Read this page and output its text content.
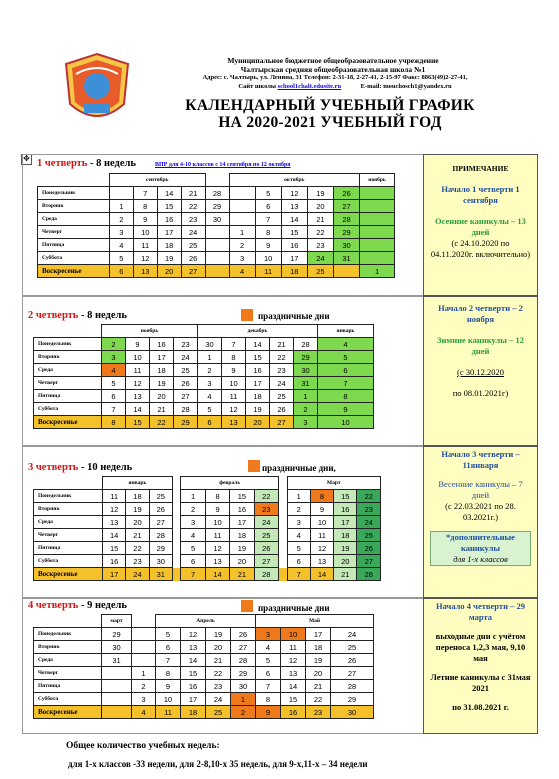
Муниципальное бюджетное общеобразовательное учреждение
Чалтырская средняя общеобразовательная школа №1
Адрес: с. Чалтырь, ул. Ленина, 31 Телефон: 2-31-18, 2-27-41, 2-15-97 Факс: 8863(49)2-27-41,
Сайт школы school1chalt.edusite.ru	E-mail: mouchosch1@yandex.ru
КАЛЕНДАРНЫЙ УЧЕБНЫЙ ГРАФИК
НА 2020-2021 УЧЕБНЫЙ ГОД
✥ 1 четверть - 8 недель	ВПР для 4-10 классов с 14 сентября по 12 октября
2 четверть - 8 недель	праздничные дни
3 четверть - 10 недель	праздничные дни,
4 четверть - 9 недель	праздничные дни
	сентябрь					октябрь					ноябрь
Понедельник		7	14	21	28		5	12	19	26	
Вторник	1	8	15	22	29		6	13	20	27	
Среда	2	9	16	23	30		7	14	21	28	
Четверг	3	10	17	24		1	8	15	22	29	
Пятница	4	11	18	25		2	9	16	23	30	
Суббота	5	12	19	26		3	10	17	24	31	
Воскресенье	6	13	20	27		4	11	18	25		1
	ноябрь				декабрь					январь
Понедельник	2	9	16	23	30	7	14	21	28	4
Вторник	3	10	17	24	1	8	15	22	29	5
Среда	4	11	18	25	2	9	16	23	30	6
Четверг	5	12	19	26	3	10	17	24	31	7
Пятница	6	13	20	27	4	11	18	25	1	8
Суббота	7	14	21	28	5	12	19	26	2	9
Воскресенье	8	15	22	29	6	13	20	27	3	10
	январь				февраль					Март			
Понедельник	11	18	25		1	8	15	22		1	8	15	22
Вторник	12	19	26		2	9	16	23		2	9	16	23
Среда	13	20	27		3	10	17	24		3	10	17	24
Четверг	14	21	28		4	11	18	25		4	11	18	25
Пятница	15	22	29		5	12	19	26		5	12	19	26
Суббота	16	23	30		6	13	20	27		6	13	20	27
Воскресенье	17	24	31		7	14	21	28		7	14	21	28
	март		Апрель				Май			
Понедельник	29		5	12	19	26	3	10	17	24
Вторник	30		6	13	20	27	4	11	18	25
Среда	31		7	14	21	28	5	12	19	26
Четверг		1	8	15	22	29	6	13	20	27
Пятница		2	9	16	23	30	7	14	21	28
Суббота		3	10	17	24	1	8	15	22	29
Воскресенье		4	11	18	25	2	9	16	23	30
ПРИМЕЧАНИЕ
Начало 1 четверти 1 сентября
Осенние каникулы – 13 дней
(с 24.10.2020 по 04.11.2020г. включительно)
Начало 2 четверти – 2 ноября
Зимние каникулы – 12 дней
(с 30.12.2020
по 08.01.2021г)
Начало 3 четверти – 11января
Весенние каникулы – 7 дней
(с 22.03.2021 по 28. 03.2021г.)
*дополнительные каникулы
для 1-х классов
Начало 4 четверти – 29 марта
выходные дни с учётом переноса 1,2,3 мая, 9,10 мая
Летние каникулы с 31мая 2021
по 31.08.2021 г.
Общее количество учебных недель:
для 1-х классов -33 недели, для 2-8,10-х 35 недель, для 9-х,11-х – 34 недели
